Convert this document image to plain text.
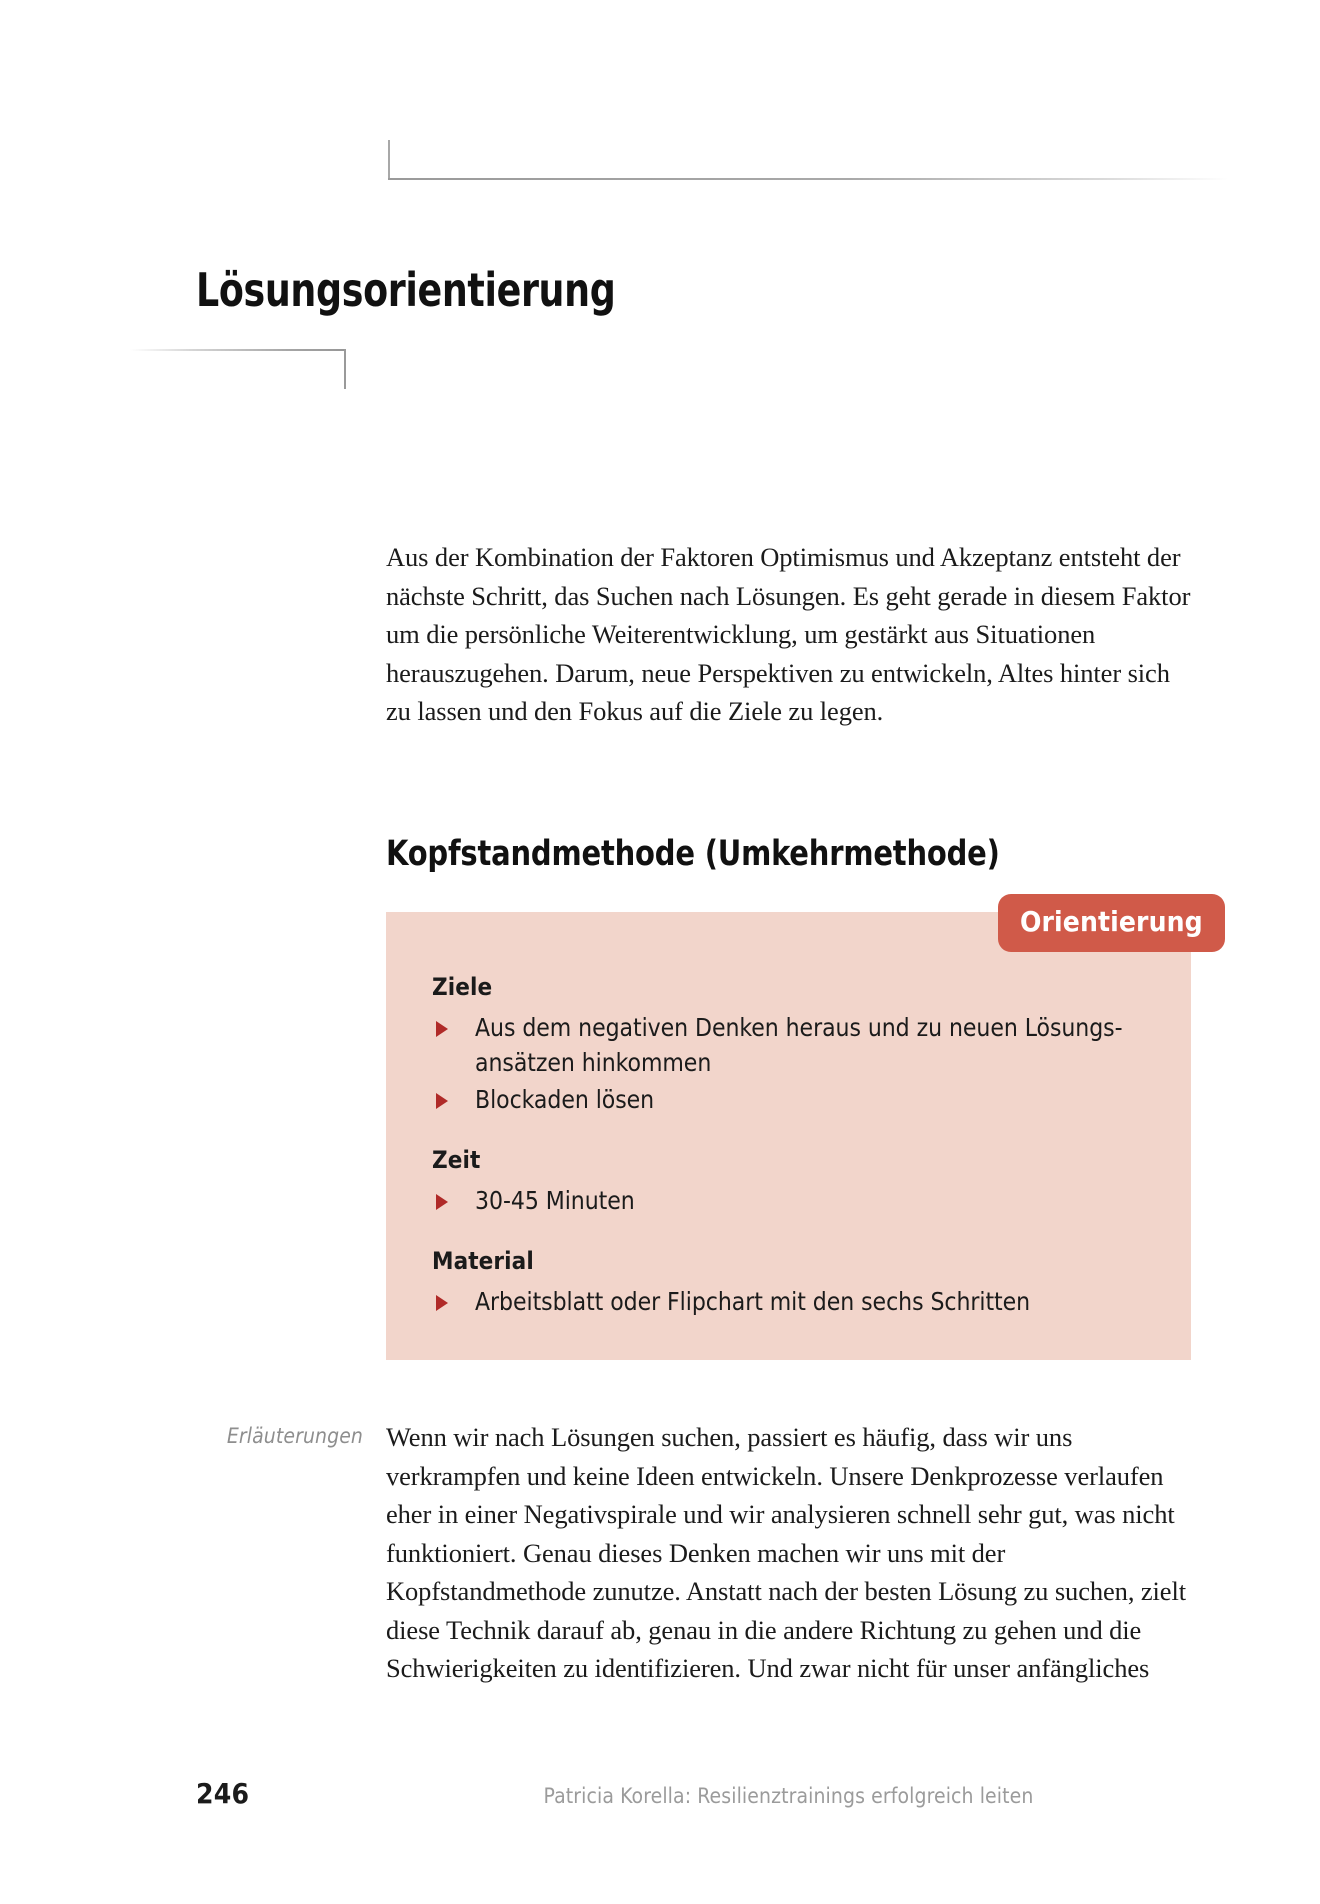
Lösungsorientierung

Aus der Kombination der Faktoren Optimismus und Akzeptanz entsteht der nächste Schritt, das Suchen nach Lösungen. Es geht gerade in diesem Faktor um die persönliche Weiterentwicklung, um gestärkt aus Situationen herauszugehen. Darum, neue Perspektiven zu entwickeln, Altes hinter sich zu lassen und den Fokus auf die Ziele zu legen.

Kopfstandmethode (Umkehrmethode)
Ziele
Aus dem negativen Denken heraus und zu neuen Lösungsansätzen hinkommen
Blockaden lösen
Zeit
30-45 Minuten
Material
Arbeitsblatt oder Flipchart mit den sechs Schritten
Orientierung
Erläuterungen Wenn wir nach Lösungen suchen, passiert es häufig, dass wir uns verkrampfen und keine Ideen entwickeln. Unsere Denkprozesse verlaufen eher in einer Negativspirale und wir analysieren schnell sehr gut, was nicht funktioniert. Genau dieses Denken machen wir uns mit der Kopfstandmethode zunutze. Anstatt nach der besten Lösung zu suchen, zielt diese Technik darauf ab, genau in die andere Richtung zu gehen und die Schwierigkeiten zu identifizieren. Und zwar nicht für unser anfängliches

246	Patricia Korella: Resilienztrainings erfolgreich leiten
